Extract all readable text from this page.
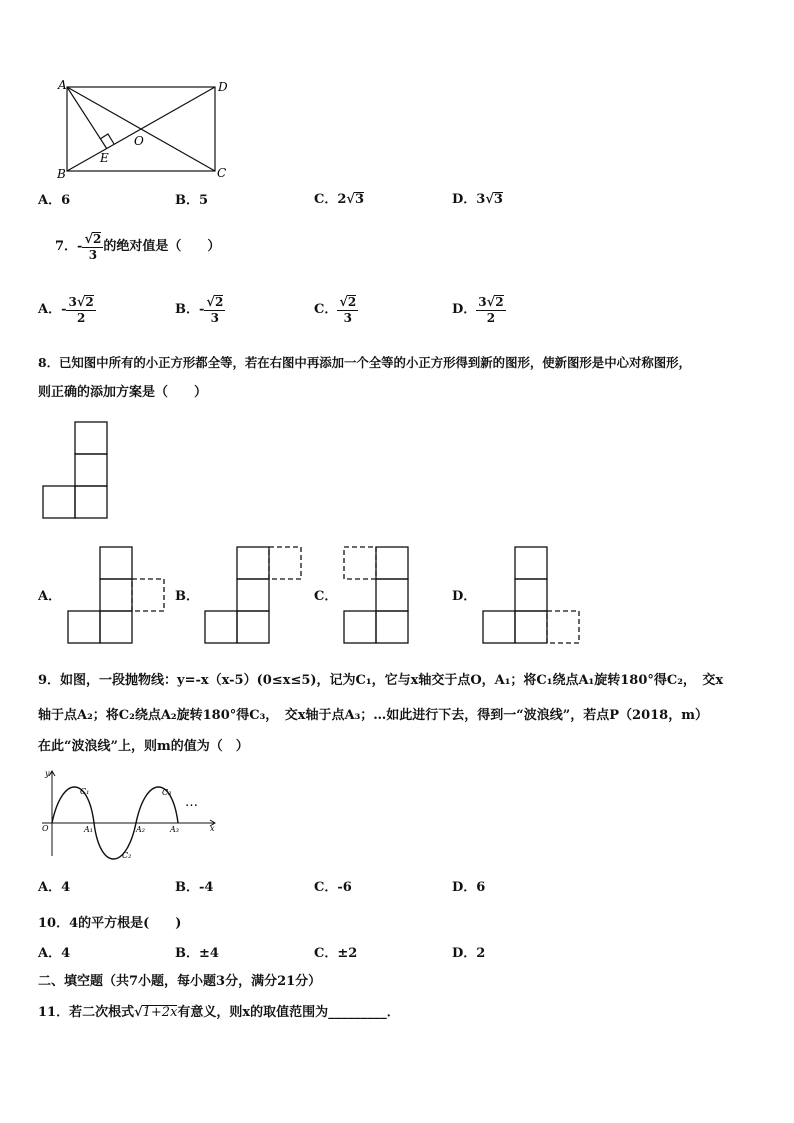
A
B	C
D
E
O
A．6	B．5	C．2√3	D．3√3
7．- $\frac{√2}{3}$ 的绝对值是（　　）
A．- $\frac{3√2}{2}$	B．- $\frac{√2}{3}$	C． $\frac{√2}{3}$	D． $\frac{3√2}{2}$
8．已知图中所有的小正方形都全等，若在右图中再添加一个全等的小正方形得到新的图形，使新图形是中心对称图形，
则正确的添加方案是（　　）
A．	B．	C．	D．
9．如图，一段抛物线：y=-x（x-5）(0≤x≤5)，记为C₁，它与x轴交于点O，A₁；将C₁绕点A₁旋转180°得C₂，　交x
轴于点A₂；将C₂绕点A₂旋转180°得C₃，　交x轴于点A₃；…如此进行下去，得到一“波浪线”，若点P（2018，m）
在此“波浪线”上，则m的值为（　）
y
x
O
C₁
C₂
C₃
A₁	A₂	A₃
…
A．4	B．-4	C．-6	D．6
10．4的平方根是(　　)
A．4	B．±4	C．±2	D．2
二、填空题（共7小题，每小题3分，满分21分）
11．若二次根式√1+2x有意义，则x的取值范围为_________．
